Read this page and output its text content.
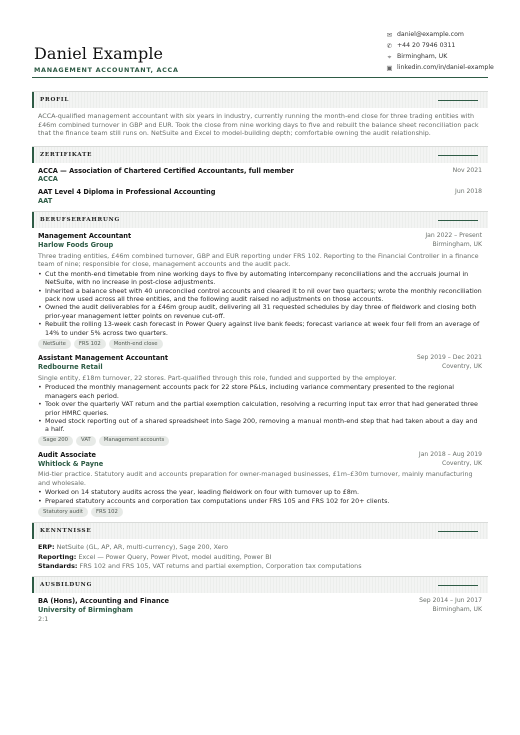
Daniel Example
MANAGEMENT ACCOUNTANT, ACCA
✉ daniel@example.com
✆ +44 20 7946 0311
⌖ Birmingham, UK
▣ linkedin.com/in/daniel-example
PROFIL
ACCA-qualified management accountant with six years in industry, currently running the month-end close for three trading entities with £46m combined turnover in GBP and EUR. Took the close from nine working days to five and rebuilt the balance sheet reconciliation pack that the finance team still runs on. NetSuite and Excel to model-building depth; comfortable owning the audit relationship.
ZERTIFIKATE
ACCA — Association of Chartered Certified Accountants, full member	Nov 2021
ACCA
AAT Level 4 Diploma in Professional Accounting	Jun 2018
AAT
BERUFSERFAHRUNG
Management Accountant	Jan 2022 – Present
Harlow Foods Group	Birmingham, UK
Three trading entities, £46m combined turnover, GBP and EUR reporting under FRS 102. Reporting to the Financial Controller in a finance team of nine; responsible for close, management accounts and the audit pack.
• Cut the month-end timetable from nine working days to five by automating intercompany reconciliations and the accruals journal in NetSuite, with no increase in post-close adjustments.
• Inherited a balance sheet with 40 unreconciled control accounts and cleared it to nil over two quarters; wrote the monthly reconciliation pack now used across all three entities, and the following audit raised no adjustments on those accounts.
• Owned the audit deliverables for a £46m group audit, delivering all 31 requested schedules by day three of fieldwork and closing both prior-year management letter points on revenue cut-off.
• Rebuilt the rolling 13-week cash forecast in Power Query against live bank feeds; forecast variance at week four fell from an average of 14% to under 5% across two quarters.
NetSuite	FRS 102	Month-end close
Assistant Management Accountant	Sep 2019 – Dec 2021
Redbourne Retail	Coventry, UK
Single entity, £18m turnover, 22 stores. Part-qualified through this role, funded and supported by the employer.
• Produced the monthly management accounts pack for 22 store P&Ls, including variance commentary presented to the regional managers each period.
• Took over the quarterly VAT return and the partial exemption calculation, resolving a recurring input tax error that had generated three prior HMRC queries.
• Moved stock reporting out of a shared spreadsheet into Sage 200, removing a manual month-end step that had taken about a day and a half.
Sage 200	VAT	Management accounts
Audit Associate	Jan 2018 – Aug 2019
Whitlock & Payne	Coventry, UK
Mid-tier practice. Statutory audit and accounts preparation for owner-managed businesses, £1m–£30m turnover, mainly manufacturing and wholesale.
• Worked on 14 statutory audits across the year, leading fieldwork on four with turnover up to £8m.
• Prepared statutory accounts and corporation tax computations under FRS 105 and FRS 102 for 20+ clients.
Statutory audit	FRS 102
KENNTNISSE
ERP: NetSuite (GL, AP, AR, multi-currency), Sage 200, Xero
Reporting: Excel — Power Query, Power Pivot, model auditing, Power BI
Standards: FRS 102 and FRS 105, VAT returns and partial exemption, Corporation tax computations
AUSBILDUNG
BA (Hons), Accounting and Finance	Sep 2014 – Jun 2017
University of Birmingham	Birmingham, UK
2:1
